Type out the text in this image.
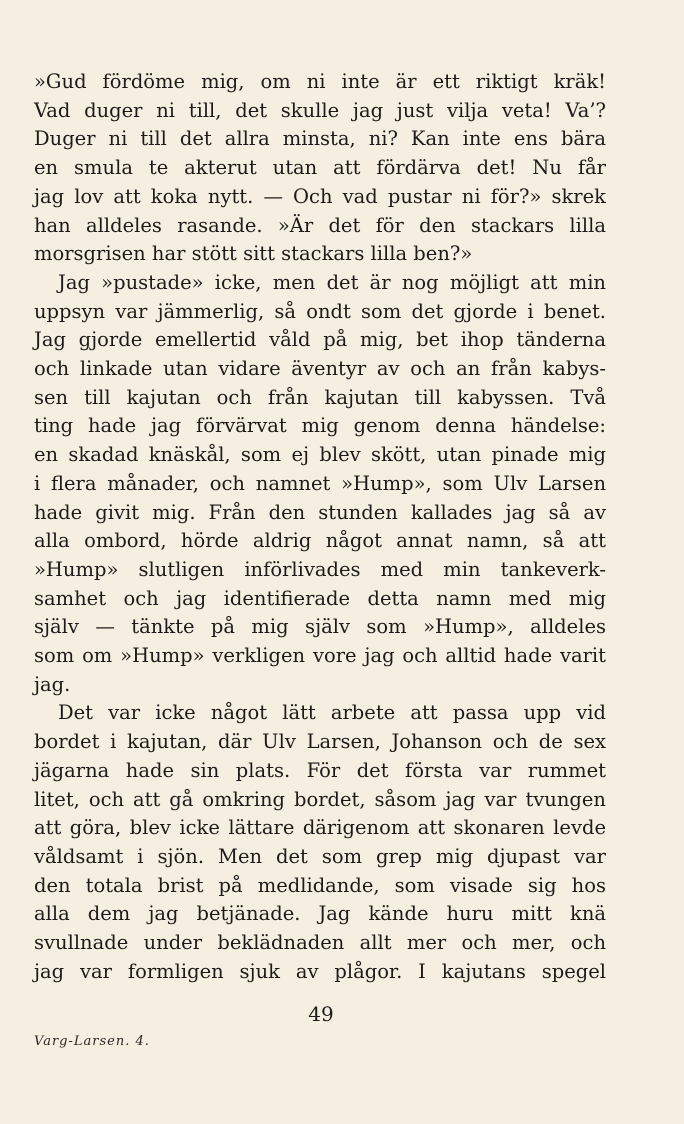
»Gud fördöme mig, om ni inte är ett riktigt kräk!
Vad duger ni till, det skulle jag just vilja veta! Va’?
Duger ni till det allra minsta, ni? Kan inte ens bära
en smula te akterut utan att fördärva det! Nu får
jag lov att koka nytt. — Och vad pustar ni för?» skrek
han alldeles rasande. »Är det för den stackars lilla
morsgrisen har stött sitt stackars lilla ben?»
Jag »pustade» icke, men det är nog möjligt att min
uppsyn var jämmerlig, så ondt som det gjorde i benet.
Jag gjorde emellertid våld på mig, bet ihop tänderna
och linkade utan vidare äventyr av och an från kabys-
sen till kajutan och från kajutan till kabyssen. Två
ting hade jag förvärvat mig genom denna händelse:
en skadad knäskål, som ej blev skött, utan pinade mig
i flera månader, och namnet »Hump», som Ulv Larsen
hade givit mig. Från den stunden kallades jag så av
alla ombord, hörde aldrig något annat namn, så att
»Hump» slutligen införlivades med min tankeverk-
samhet och jag identifierade detta namn med mig
själv — tänkte på mig själv som »Hump», alldeles
som om »Hump» verkligen vore jag och alltid hade varit
jag.
Det var icke något lätt arbete att passa upp vid
bordet i kajutan, där Ulv Larsen, Johanson och de sex
jägarna hade sin plats. För det första var rummet
litet, och att gå omkring bordet, såsom jag var tvungen
att göra, blev icke lättare därigenom att skonaren levde
våldsamt i sjön. Men det som grep mig djupast var
den totala brist på medlidande, som visade sig hos
alla dem jag betjänade. Jag kände huru mitt knä
svullnade under beklädnaden allt mer och mer, och
jag var formligen sjuk av plågor. I kajutans spegel
49
Varg-Larsen. 4.
